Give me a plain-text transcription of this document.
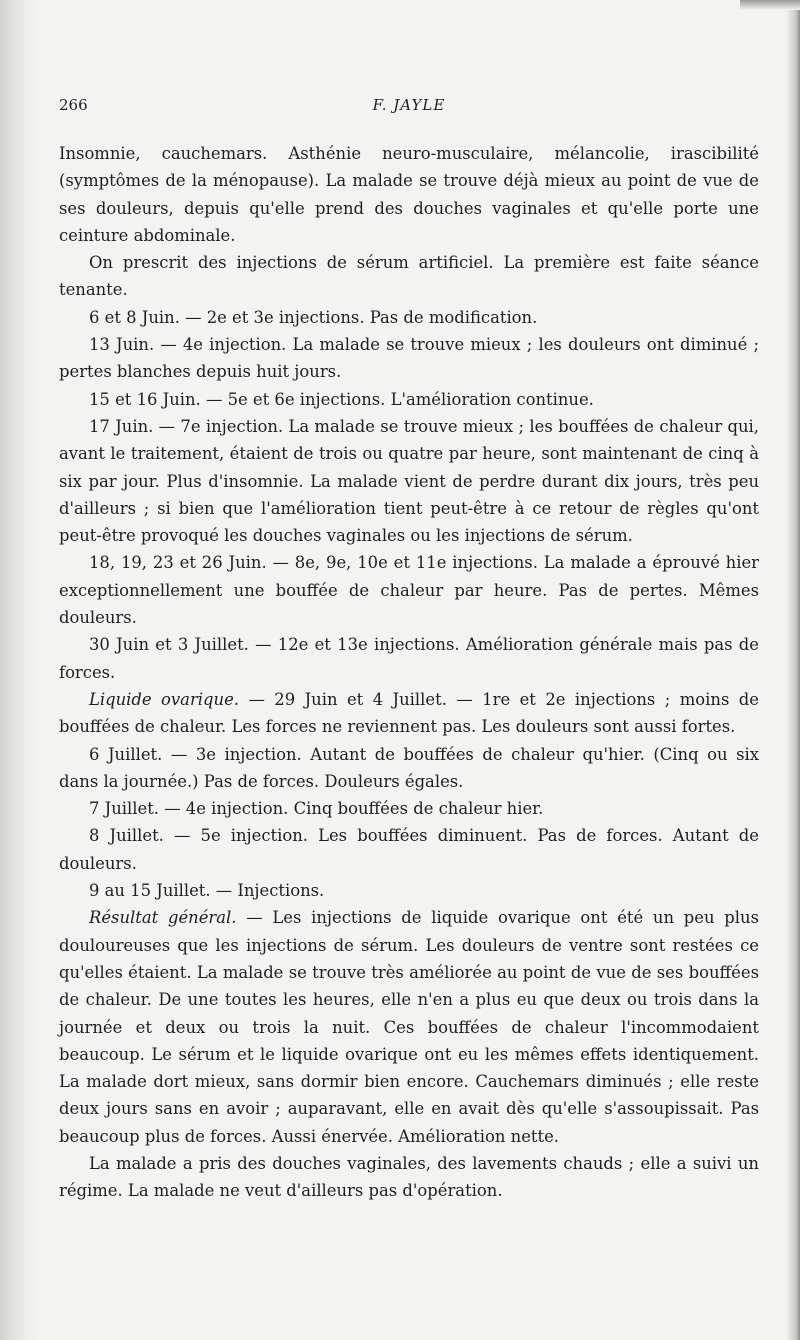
266	F. JAYLE

Insomnie, cauchemars. Asthénie neuro-musculaire, mélancolie, irascibilité (symptômes de la ménopause). La malade se trouve déjà mieux au point de vue de ses douleurs, depuis qu'elle prend des douches vaginales et qu'elle porte une ceinture abdominale.

On prescrit des injections de sérum artificiel. La première est faite séance tenante.

6 et 8 Juin. — 2e et 3e injections. Pas de modification.

13 Juin. — 4e injection. La malade se trouve mieux ; les douleurs ont diminué ; pertes blanches depuis huit jours.

15 et 16 Juin. — 5e et 6e injections. L'amélioration continue.

17 Juin. — 7e injection. La malade se trouve mieux ; les bouffées de chaleur qui, avant le traitement, étaient de trois ou quatre par heure, sont maintenant de cinq à six par jour. Plus d'insomnie. La malade vient de perdre durant dix jours, très peu d'ailleurs ; si bien que l'amélioration tient peut-être à ce retour de règles qu'ont peut-être provoqué les douches vaginales ou les injections de sérum.

18, 19, 23 et 26 Juin. — 8e, 9e, 10e et 11e injections. La malade a éprouvé hier exceptionnellement une bouffée de chaleur par heure. Pas de pertes. Mêmes douleurs.

30 Juin et 3 Juillet. — 12e et 13e injections. Amélioration générale mais pas de forces.

Liquide ovarique. — 29 Juin et 4 Juillet. — 1re et 2e injections ; moins de bouffées de chaleur. Les forces ne reviennent pas. Les douleurs sont aussi fortes.

6 Juillet. — 3e injection. Autant de bouffées de chaleur qu'hier. (Cinq ou six dans la journée.) Pas de forces. Douleurs égales.

7 Juillet. — 4e injection. Cinq bouffées de chaleur hier.

8 Juillet. — 5e injection. Les bouffées diminuent. Pas de forces. Autant de douleurs.

9 au 15 Juillet. — Injections.

Résultat général. — Les injections de liquide ovarique ont été un peu plus douloureuses que les injections de sérum. Les douleurs de ventre sont restées ce qu'elles étaient. La malade se trouve très améliorée au point de vue de ses bouffées de chaleur. De une toutes les heures, elle n'en a plus eu que deux ou trois dans la journée et deux ou trois la nuit. Ces bouffées de chaleur l'incommodaient beaucoup. Le sérum et le liquide ovarique ont eu les mêmes effets identiquement. La malade dort mieux, sans dormir bien encore. Cauchemars diminués ; elle reste deux jours sans en avoir ; auparavant, elle en avait dès qu'elle s'assoupissait. Pas beaucoup plus de forces. Aussi énervée. Amélioration nette.

La malade a pris des douches vaginales, des lavements chauds ; elle a suivi un régime. La malade ne veut d'ailleurs pas d'opération.
